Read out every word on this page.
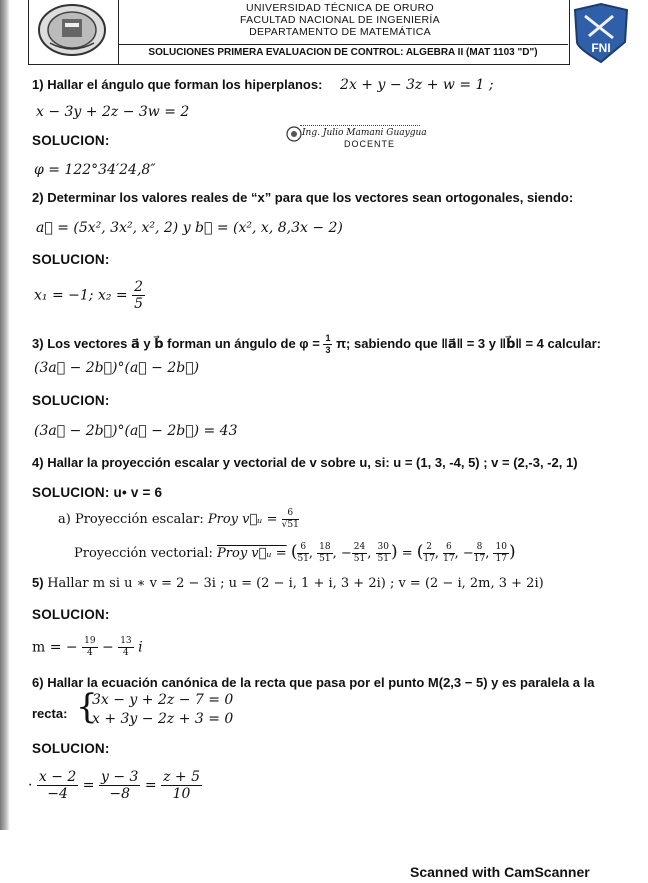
UNIVERSIDAD TÉCNICA DE ORURO
FACULTAD NACIONAL DE INGENIERÍA
DEPARTAMENTO DE MATEMÁTICA
SOLUCIONES PRIMERA EVALUACION DE CONTROL: ALGEBRA II (MAT 1103 "D")	FNI
1) Hallar el ángulo que forman los hiperplanos: 2x + y − 3z + w = 1 ;
x − 3y + 2z − 3w = 2
SOLUCION:	Ing. Julio Mamani Guaygua
DOCENTE
φ = 122°34′24,8″
2) Determinar los valores reales de “x” para que los vectores sean ortogonales, siendo:
a⃗ = (5x², 3x², x², 2) y b⃗ = (x², x, 8,3x − 2)
SOLUCION:
x₁ = −1; $x_2 = \frac{2}{5}$
3) Los vectores a⃗ y b⃗ forman un ángulo de $\varphi = \frac{1}{3} \pi$; sabiendo que ‖a⃗‖ = 3 y ‖b⃗‖ = 4 calcular:
(3a⃗ − 2b⃗)°(a⃗ − 2b⃗)
SOLUCION:
(3a⃗ − 2b⃗)°(a⃗ − 2b⃗) = 43
4) Hallar la proyección escalar y vectorial de v sobre u, si: u = (1, 3, -4, 5) ; v = (2,-3, -2, 1)
SOLUCION: u• v = 6
a) Proyección escalar: Proy v⃗ᵤ = $\frac{6}{√51}$
Proyección vectorial: Proy v⃗ᵤ = ( $\frac{6}{51}$ , $\frac{18}{51}$ , − $\frac{24}{51}$ , $\frac{30}{51}$ ) = ( $\frac{2}{17}$ , $\frac{6}{17}$ , − $\frac{8}{17}$ , $\frac{10}{17}$ )
5) Hallar m si u ∗ v = 2 − 3i ; u = (2 − i, 1 + i, 3 + 2i) ; v = (2 − i, 2m, 3 + 2i)
SOLUCION:
m = − $\frac{19}{4} - \frac{13}{4}$ i
6) Hallar la ecuación canónica de la recta que pasa por el punto M(2,3 − 5) y es paralela a la
recta: {
3x − y + 2z − 7 = 0
x + 3y − 2z + 3 = 0
SOLUCION:
· $\frac{x - 2}{-4} = \frac{y - 3}{-8} = \frac{z + 5}{10}$
Scanned with CamScanner
